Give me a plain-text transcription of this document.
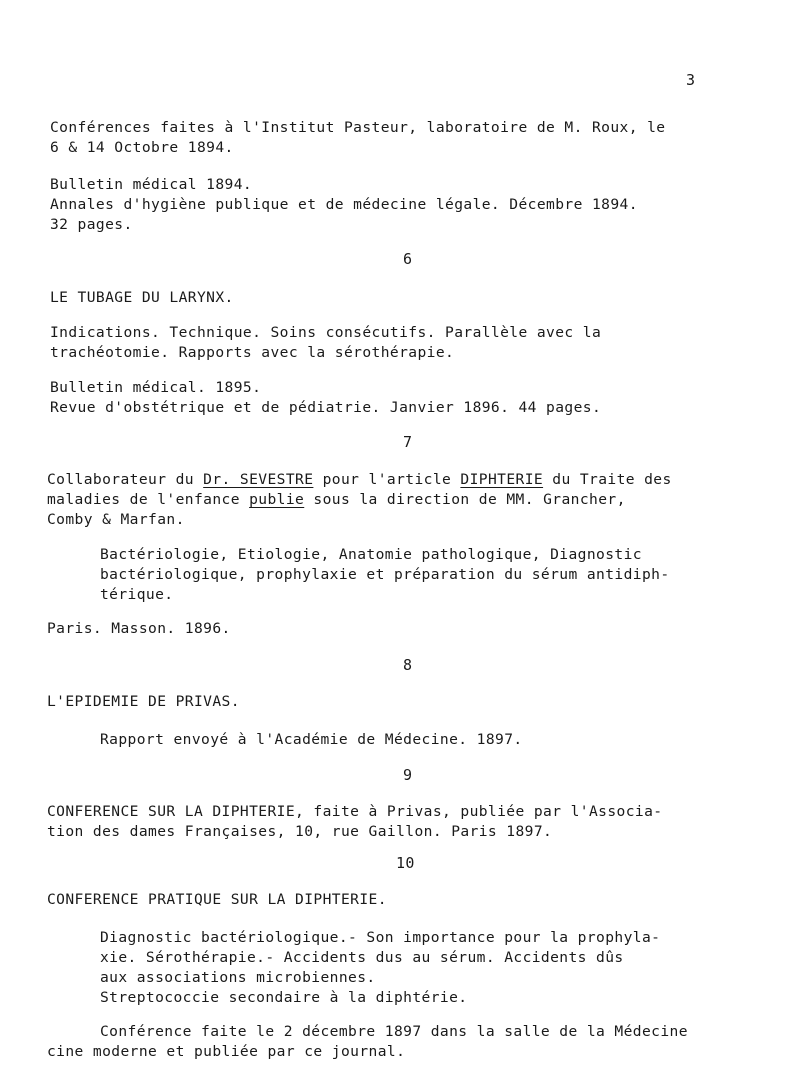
3
Conférences faites à l'Institut Pasteur, laboratoire de M. Roux, le
6 & 14 Octobre 1894.
Bulletin médical 1894.
Annales d'hygiène publique et de médecine légale. Décembre 1894.
32 pages.
6
LE TUBAGE DU LARYNX.
Indications. Technique. Soins consécutifs. Parallèle avec la
trachéotomie. Rapports avec la sérothérapie.
Bulletin médical. 1895.
Revue d'obstétrique et de pédiatrie. Janvier 1896. 44 pages.
7
Collaborateur du Dr. SEVESTRE pour l'article DIPHTERIE du Traite des
maladies de l'enfance publie sous la direction de MM. Grancher,
Comby & Marfan.
Bactériologie, Etiologie, Anatomie pathologique, Diagnostic
bactériologique, prophylaxie et préparation du sérum antidiph-
térique.
Paris. Masson. 1896.
8
L'EPIDEMIE DE PRIVAS.
Rapport envoyé à l'Académie de Médecine. 1897.
9
CONFERENCE SUR LA DIPHTERIE, faite à Privas, publiée par l'Associa-
tion des dames Françaises, 10, rue Gaillon. Paris 1897.
10
CONFERENCE PRATIQUE SUR LA DIPHTERIE.
Diagnostic bactériologique.- Son importance pour la prophyla-
xie. Sérothérapie.- Accidents dus au sérum. Accidents dûs
aux associations microbiennes.
Streptococcie secondaire à la diphtérie.
Conférence faite le 2 décembre 1897 dans la salle de la Médecine
cine moderne et publiée par ce journal.
